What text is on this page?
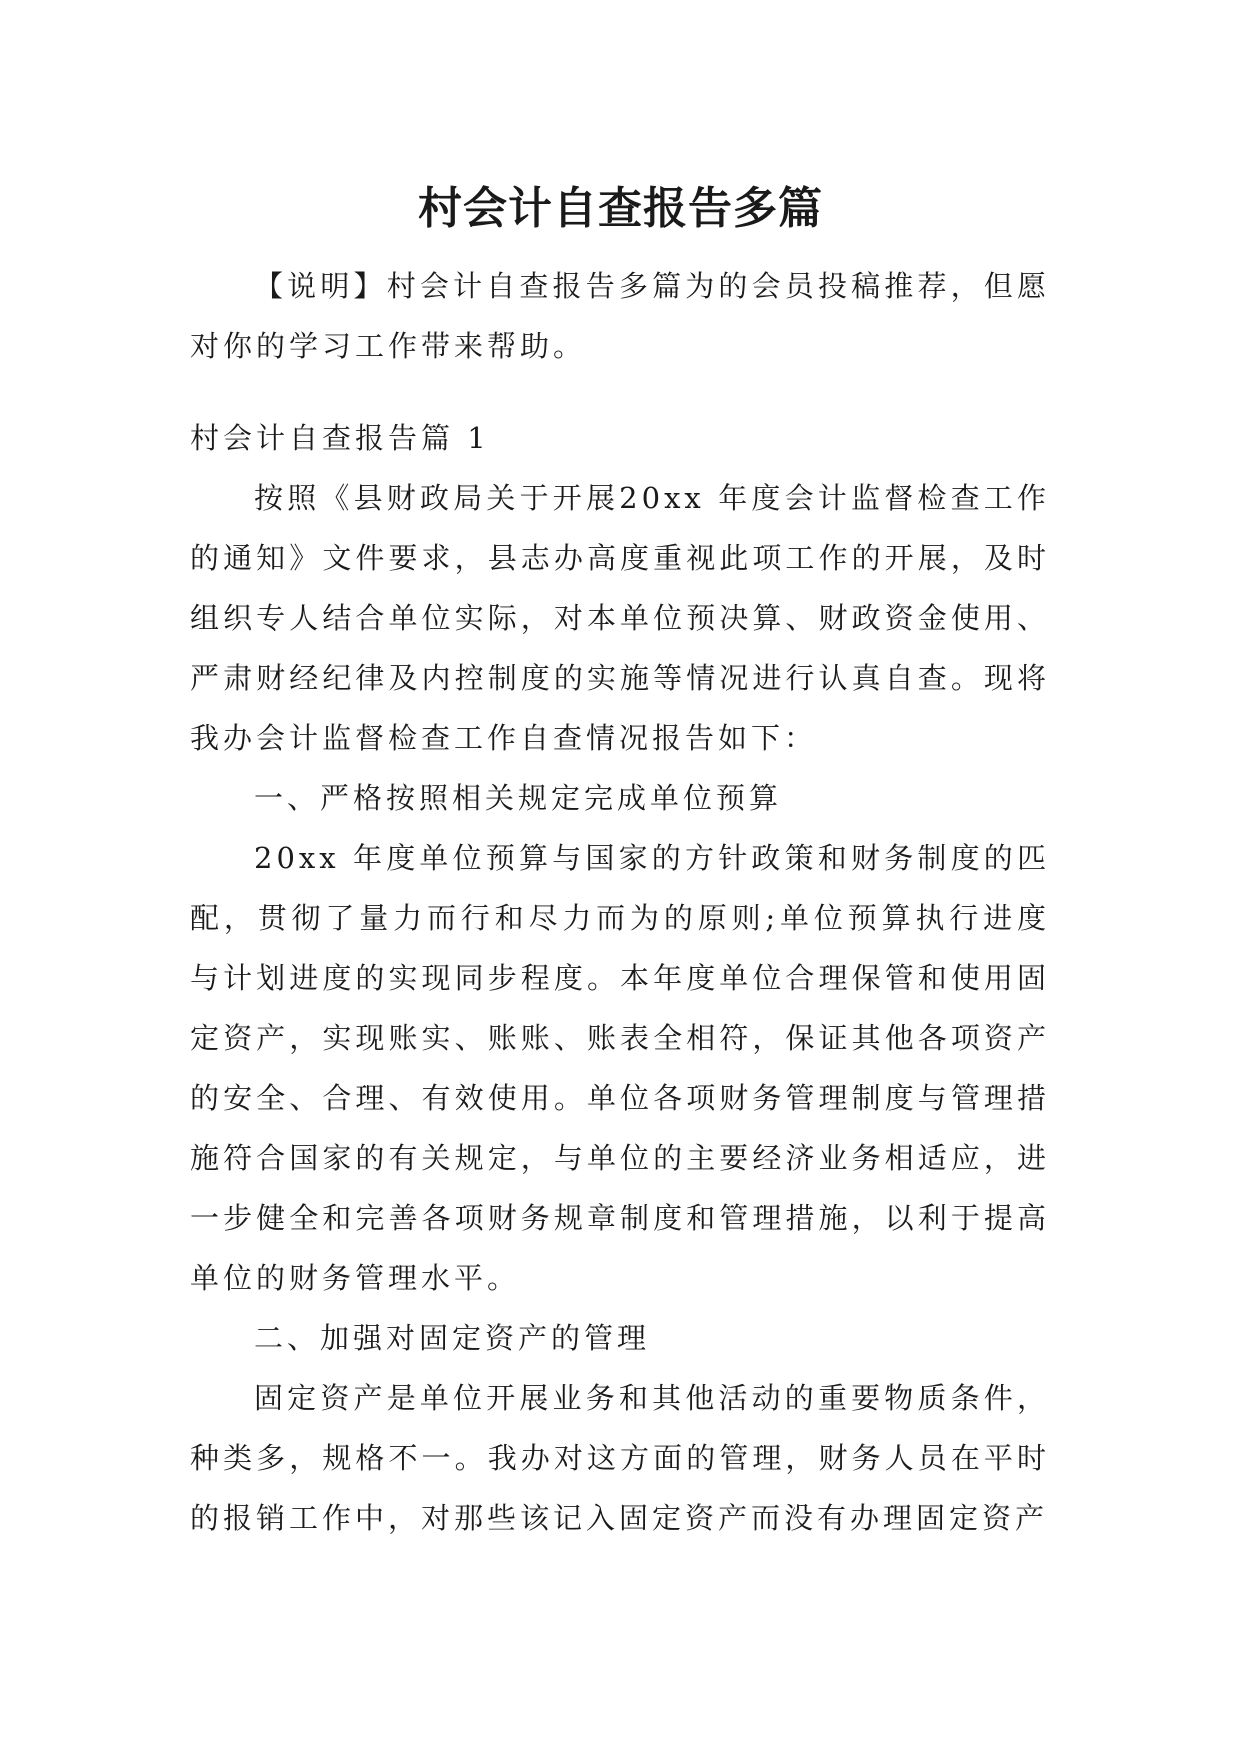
村会计自查报告多篇

【说明】村会计自查报告多篇为的会员投稿推荐，但愿对你的学习工作带来帮助。

村会计自查报告篇 1

按照《县财政局关于开展20xx 年度会计监督检查工作的通知》文件要求，县志办高度重视此项工作的开展，及时组织专人结合单位实际，对本单位预决算、财政资金使用、严肃财经纪律及内控制度的实施等情况进行认真自查。现将我办会计监督检查工作自查情况报告如下：

一、严格按照相关规定完成单位预算

20xx 年度单位预算与国家的方针政策和财务制度的匹配，贯彻了量力而行和尽力而为的原则;单位预算执行进度与计划进度的实现同步程度。本年度单位合理保管和使用固定资产，实现账实、账账、账表全相符，保证其他各项资产的安全、合理、有效使用。单位各项财务管理制度与管理措施符合国家的有关规定，与单位的主要经济业务相适应，进一步健全和完善各项财务规章制度和管理措施，以利于提高单位的财务管理水平。

二、加强对固定资产的管理

固定资产是单位开展业务和其他活动的重要物质条件，种类多，规格不一。我办对这方面的管理，财务人员在平时的报销工作中，对那些该记入固定资产而没有办理固定资产
